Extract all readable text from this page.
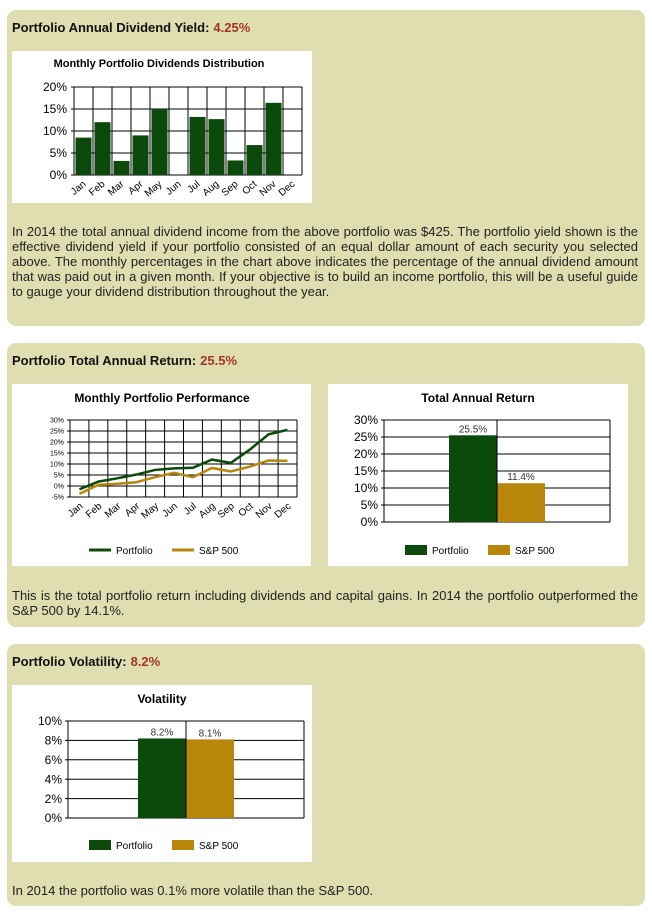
Portfolio Annual Dividend Yield: 4.25%
Monthly Portfolio Dividends Distribution
0%
5%
10%
15%
20%
Jan
Feb
Mar Apr
May Jun Jul
Aug
Sep Oct
Nov
Dec
In 2014 the total annual dividend income from the above portfolio was $425. The portfolio yield shown is the effective dividend yield if your portfolio consisted of an equal dollar amount of each security you selected above. The monthly percentages in the chart above indicates the percentage of the annual dividend amount that was paid out in a given month. If your objective is to build an income portfolio, this will be a useful guide to gauge your dividend distribution throughout the year.
Portfolio Total Annual Return: 25.5%
Monthly Portfolio Performance
-5%
0%
5%
10%
15%
20%
25%
30%
Jan
Feb
Mar Apr
May Jun Jul
Aug
Sep Oct
Nov
Dec
Portfolio	S&P 500
Total Annual Return
0%
5%
10%
15%
20%
25%
30%
25.5%
11.4%
Portfolio	S&P 500
This is the total portfolio return including dividends and capital gains. In 2014 the portfolio outperformed the S&P 500 by 14.1%.
Portfolio Volatility: 8.2%
Volatility
0%
2%
4%
6%
8%
10%
8.2%	8.1%
Portfolio	S&P 500
In 2014 the portfolio was 0.1% more volatile than the S&P 500.
